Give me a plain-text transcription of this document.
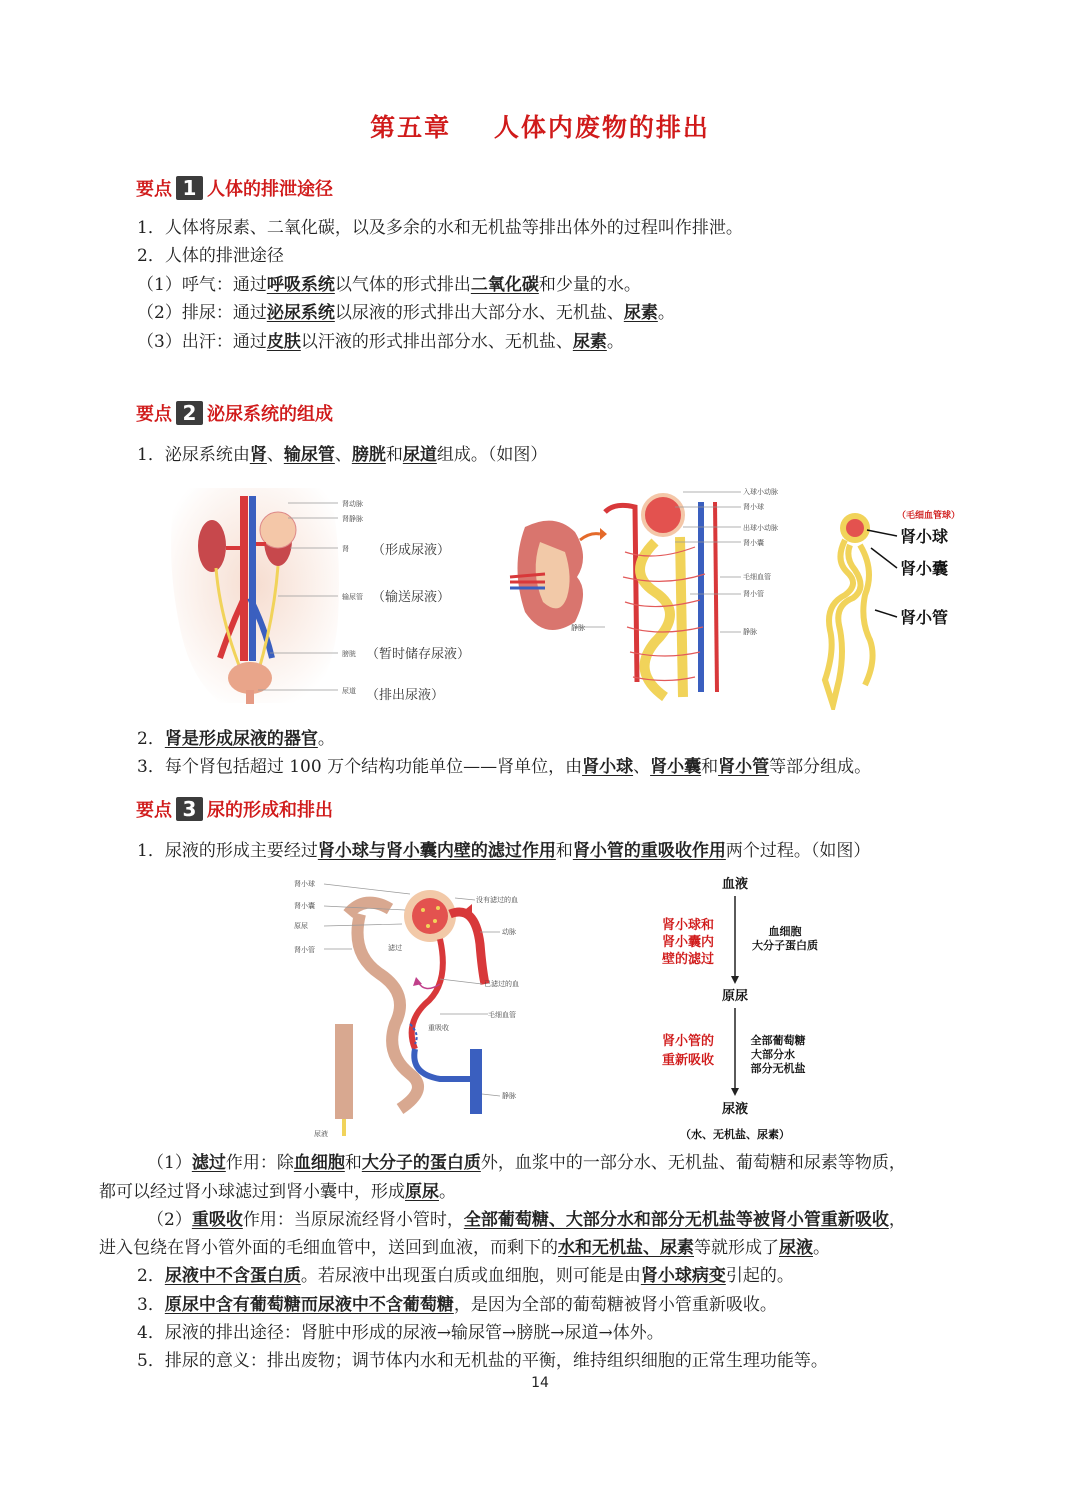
第五章    人体内废物的排出
要点 1 人体的排泄途径
1．人体将尿素、二氧化碳，以及多余的水和无机盐等排出体外的过程叫作排泄。
2．人体的排泄途径
（1）呼气：通过呼吸系统以气体的形式排出二氧化碳和少量的水。
（2）排尿：通过泌尿系统以尿液的形式排出大部分水、无机盐、尿素。
（3）出汗：通过皮肤以汗液的形式排出部分水、无机盐、尿素。
要点 2 泌尿系统的组成
1．泌尿系统由肾、输尿管、膀胱和尿道组成。（如图）
肾动脉
肾静脉
肾 （形成尿液）
输尿管 （输送尿液）
膀胱 （暂时储存尿液）
尿道 （排出尿液）
入球小动脉
肾小球
出球小动脉
肾小囊
毛细血管
肾小管
静脉
静脉
（毛细血管球）
肾小球
肾小囊
肾小管
2．肾是形成尿液的器官。
3．每个肾包括超过 100 万个结构功能单位——肾单位，由肾小球、肾小囊和肾小管等部分组成。
要点 3 尿的形成和排出
1．尿液的形成主要经过肾小球与肾小囊内壁的滤过作用和肾小管的重吸收作用两个过程。（如图）
肾小球
肾小囊
原尿
肾小管
没有滤过的血
动脉
滤过
已滤过的血
毛细血管
重吸收
静脉
尿液
血液
肾小球和
肾小囊内
壁的滤过
血细胞
大分子蛋白质
原尿
肾小管的
重新吸收
全部葡萄糖
大部分水
部分无机盐
尿液
（水、无机盐、尿素）
（1）滤过作用：除血细胞和大分子的蛋白质外，血浆中的一部分水、无机盐、葡萄糖和尿素等物质，
都可以经过肾小球滤过到肾小囊中，形成原尿。
（2）重吸收作用：当原尿流经肾小管时，全部葡萄糖、大部分水和部分无机盐等被肾小管重新吸收，
进入包绕在肾小管外面的毛细血管中，送回到血液，而剩下的水和无机盐、尿素等就形成了尿液。
2．尿液中不含蛋白质。若尿液中出现蛋白质或血细胞，则可能是由肾小球病变引起的。
3．原尿中含有葡萄糖而尿液中不含葡萄糖，是因为全部的葡萄糖被肾小管重新吸收。
4．尿液的排出途径：肾脏中形成的尿液→输尿管→膀胱→尿道→体外。
5．排尿的意义：排出废物；调节体内水和无机盐的平衡，维持组织细胞的正常生理功能等。
14
